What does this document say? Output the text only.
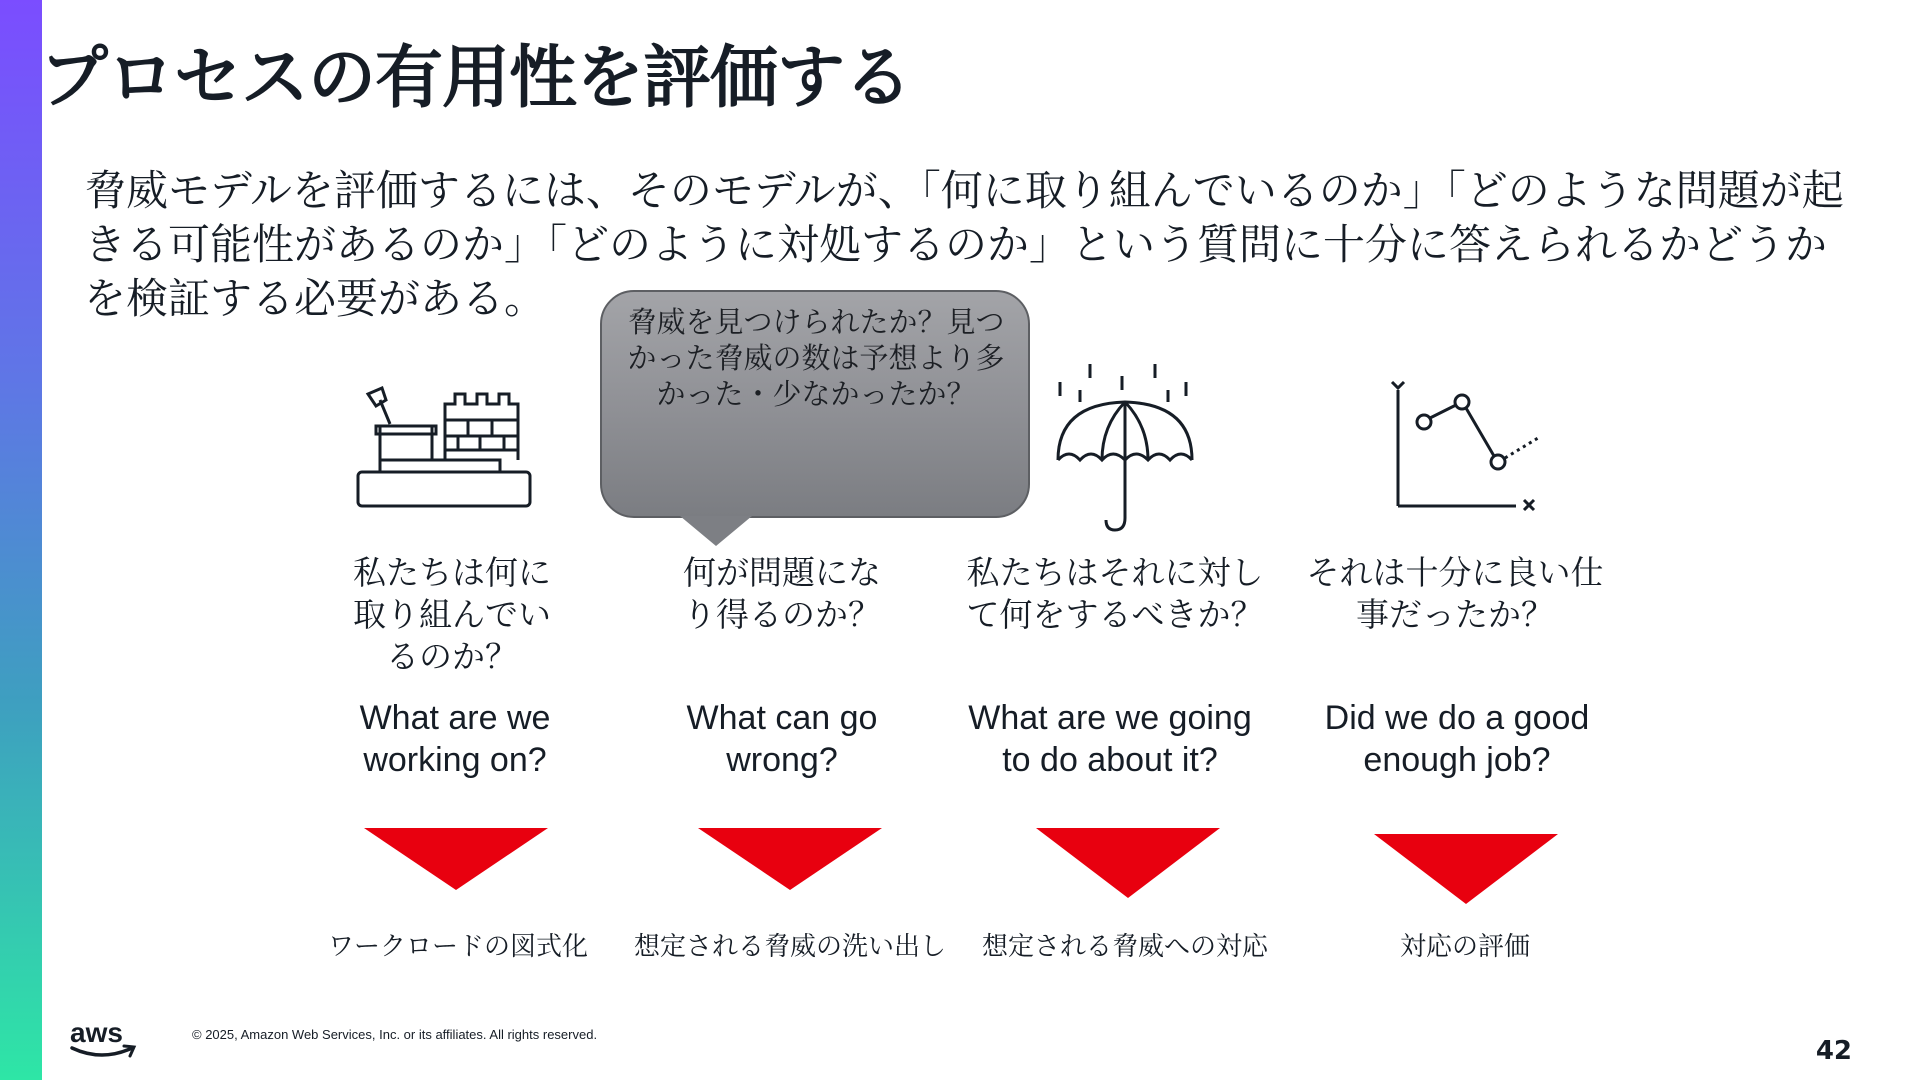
プロセスの有用性を評価する
脅威モデルを評価するには、そのモデルが、「何に取り組んでいるのか」「どのような問題が起きる可能性があるのか」「どのように対処するのか」という質問に十分に答えられるかどうかを検証する必要がある。
私たちは何に取り組んでいるのか？
What are we working on?
ワークロードの図式化
何が問題になり得るのか？
What can go wrong?
想定される脅威の洗い出し
私たちはそれに対して何をするべきか？
What are we going to do about it?
想定される脅威への対応
それは十分に良い仕事だったか？
Did we do a good enough job?
対応の評価
脅威を見つけられたか？見つかった脅威の数は予想より多かった・少なかったか？
aws	© 2025, Amazon Web Services, Inc. or its affiliates. All rights reserved.
42
